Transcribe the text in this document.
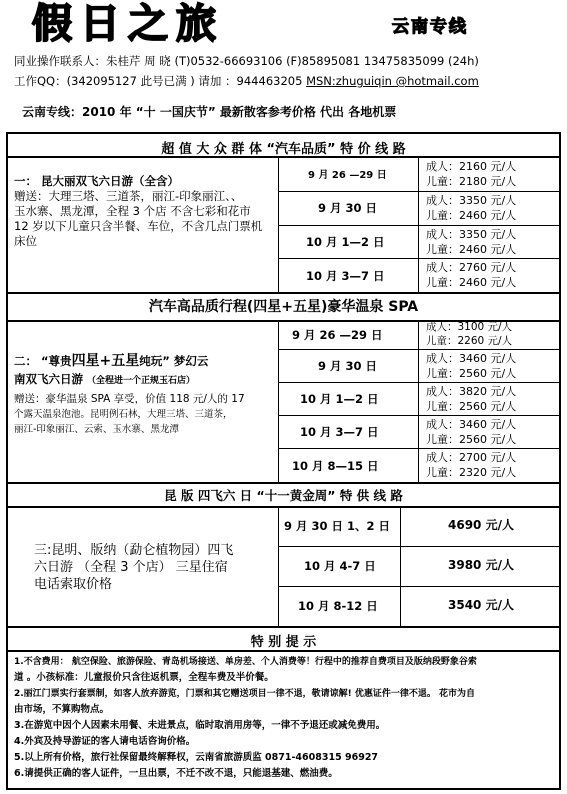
假日之旅	云南专线
同业操作联系人：朱桂芹 周 晓 (T)0532-66693106 (F)85895081 13475835099 (24h)
工作QQ：(342095127 此号已满 ) 请加 ：944463205 MSN:zhuguiqin @hotmail.com
云南专线：2010 年 “十 一国庆节” 最新散客参考价格 代出 各地机票
超 值 大 众 群 体 “汽车品质” 特 价 线 路
一： 昆大丽双飞六日游（全含）
赠送：大理三塔、三道茶，丽江-印象丽江、、
玉水寨、黑龙潭，全程 3 个店 不含七彩和花市
12 岁以下儿童只含半餐、车位，不含几点门票机
床位
9 月 26 —29 日
成人：2160 元/人
儿童：2180 元/人
9 月 30 日
成人：3350 元/人
儿童：2460 元/人
10 月 1—2 日
成人：3350 元/人
儿童：2460 元/人
10 月 3—7 日
成人：2760 元/人
儿童：2460 元/人
汽车高品质行程(四星+五星)豪华温泉 SPA
二： “尊贵四星+五星纯玩” 梦幻云
南双飞六日游 （全程进一个正规玉石店）
赠送：豪华温泉 SPA 享受，价值 118 元/人的 17
个露天温泉泡池。昆明例石林，大理三塔、三道茶，
丽江-印象丽江、云索、玉水寨、黑龙潭
9 月 26 —29 日
成人：3100 元/人
儿童：2260 元/人
9 月 30 日
成人：3460 元/人
儿童：2560 元/人
10 月 1—2 日
成人：3820 元/人
儿童：2560 元/人
10 月 3—7 日
成人：3460 元/人
儿童：2560 元/人
10 月 8—15 日
成人：2700 元/人
儿童：2320 元/人
昆 版 四飞六 日 “十一黄金周” 特 供 线 路
三:昆明、版纳（勐仑植物园）四飞
六日游 （全程 3 个店） 三星住宿
电话索取价格
9 月 30 日 1、2 日	4690 元/人
10 月 4-7 日	3980 元/人
10 月 8-12 日	3540 元/人
特 别 提 示
1.不含费用： 航空保险、旅游保险、青岛机场接送、单房差、个人消费等！行程中的推荐自费项目及版纳段野象谷索
道 。小孩标准：儿童报价只含往返机票，全程车费及半价餐。
2.丽江门票实行套票制，如客人放弃游览，门票和其它赠送项目一律不退，敬请谅解! 优惠证件一律不退。 花市为自
由市场，不算购物点。
3.在游览中因个人因素未用餐、未进景点，临时取消用房等，一律不予退还或减免费用。
4.外宾及持导游证的客人请电话咨询价格。
5.以上所有价格，旅行社保留最终解释权，云南省旅游质监 0871-4608315 96927
6.请提供正确的客人证件，一旦出票，不迁不改不退，只能退基建、燃油费。
